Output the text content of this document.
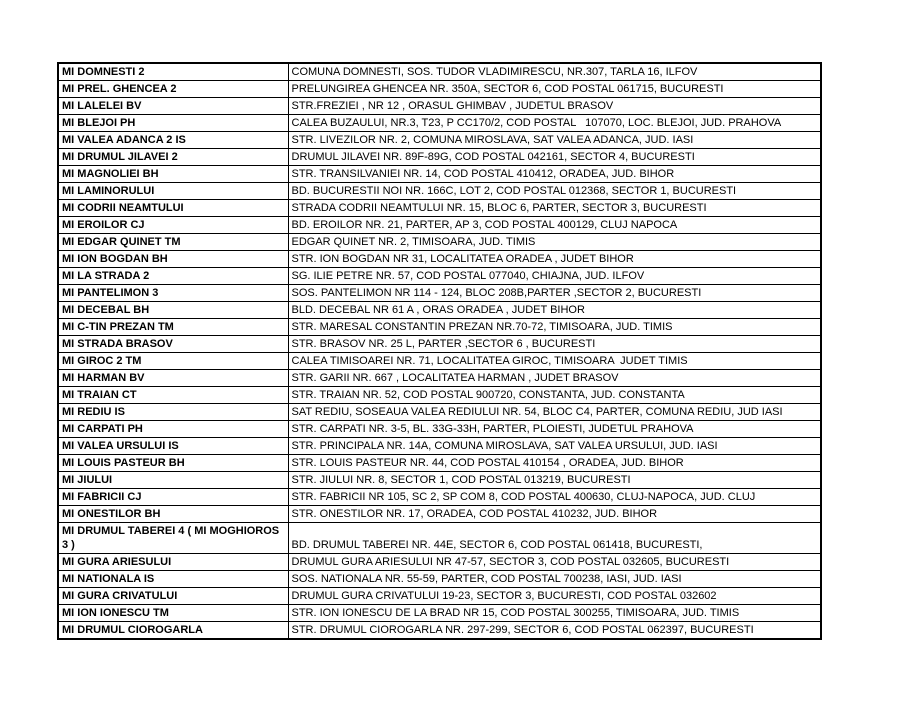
MI DOMNESTI 2	COMUNA DOMNESTI, SOS. TUDOR VLADIMIRESCU, NR.307, TARLA 16, ILFOV
MI PREL. GHENCEA 2	PRELUNGIREA GHENCEA NR. 350A, SECTOR 6, COD POSTAL 061715, BUCURESTI
MI LALELEI BV	STR.FREZIEI , NR 12 , ORASUL GHIMBAV , JUDETUL BRASOV
MI BLEJOI PH	CALEA BUZAULUI, NR.3, T23, P CC170/2, COD POSTAL   107070, LOC. BLEJOI, JUD. PRAHOVA
MI VALEA ADANCA 2 IS	STR. LIVEZILOR NR. 2, COMUNA MIROSLAVA, SAT VALEA ADANCA, JUD. IASI
MI DRUMUL JILAVEI 2	DRUMUL JILAVEI NR. 89F-89G, COD POSTAL 042161, SECTOR 4, BUCURESTI
MI MAGNOLIEI BH	STR. TRANSILVANIEI NR. 14, COD POSTAL 410412, ORADEA, JUD. BIHOR
MI LAMINORULUI	BD. BUCURESTII NOI NR. 166C, LOT 2, COD POSTAL 012368, SECTOR 1, BUCURESTI
MI CODRII NEAMTULUI	STRADA CODRII NEAMTULUI NR. 15, BLOC 6, PARTER, SECTOR 3, BUCURESTI
MI EROILOR CJ	BD. EROILOR NR. 21, PARTER, AP 3, COD POSTAL 400129, CLUJ NAPOCA
MI EDGAR QUINET TM	EDGAR QUINET NR. 2, TIMISOARA, JUD. TIMIS
MI ION BOGDAN BH	STR. ION BOGDAN NR 31, LOCALITATEA ORADEA , JUDET BIHOR
MI LA STRADA 2	SG. ILIE PETRE NR. 57, COD POSTAL 077040, CHIAJNA, JUD. ILFOV
MI PANTELIMON 3	SOS. PANTELIMON NR 114 - 124, BLOC 208B,PARTER ,SECTOR 2, BUCURESTI
MI DECEBAL BH	BLD. DECEBAL NR 61 A , ORAS ORADEA , JUDET BIHOR
MI C-TIN PREZAN TM	STR. MARESAL CONSTANTIN PREZAN NR.70-72, TIMISOARA, JUD. TIMIS
MI STRADA BRASOV	STR. BRASOV NR. 25 L, PARTER ,SECTOR 6 , BUCURESTI
MI GIROC 2 TM	CALEA TIMISOAREI NR. 71, LOCALITATEA GIROC, TIMISOARA  JUDET TIMIS
MI HARMAN BV	STR. GARII NR. 667 , LOCALITATEA HARMAN , JUDET BRASOV
MI TRAIAN CT	STR. TRAIAN NR. 52, COD POSTAL 900720, CONSTANTA, JUD. CONSTANTA
MI REDIU IS	SAT REDIU, SOSEAUA VALEA REDIULUI NR. 54, BLOC C4, PARTER, COMUNA REDIU, JUD IASI
MI CARPATI PH	STR. CARPATI NR. 3-5, BL. 33G-33H, PARTER, PLOIESTI, JUDETUL PRAHOVA
MI VALEA URSULUI IS	STR. PRINCIPALA NR. 14A, COMUNA MIROSLAVA, SAT VALEA URSULUI, JUD. IASI
MI LOUIS PASTEUR BH	STR. LOUIS PASTEUR NR. 44, COD POSTAL 410154 , ORADEA, JUD. BIHOR
MI JIULUI	STR. JIULUI NR. 8, SECTOR 1, COD POSTAL 013219, BUCURESTI
MI FABRICII CJ	STR. FABRICII NR 105, SC 2, SP COM 8, COD POSTAL 400630, CLUJ-NAPOCA, JUD. CLUJ
MI ONESTILOR BH	STR. ONESTILOR NR. 17, ORADEA, COD POSTAL 410232, JUD. BIHOR
MI DRUMUL TABEREI 4 ( MI MOGHIOROS 3 )	BD. DRUMUL TABEREI NR. 44E, SECTOR 6, COD POSTAL 061418, BUCURESTI,
MI GURA ARIESULUI	DRUMUL GURA ARIESULUI NR 47-57, SECTOR 3, COD POSTAL 032605, BUCURESTI
MI NATIONALA IS	SOS. NATIONALA NR. 55-59, PARTER, COD POSTAL 700238, IASI, JUD. IASI
MI GURA CRIVATULUI	DRUMUL GURA CRIVATULUI 19-23, SECTOR 3, BUCURESTI, COD POSTAL 032602
MI ION IONESCU TM	STR. ION IONESCU DE LA BRAD NR 15, COD POSTAL 300255, TIMISOARA, JUD. TIMIS
MI DRUMUL CIOROGARLA	STR. DRUMUL CIOROGARLA NR. 297-299, SECTOR 6, COD POSTAL 062397, BUCURESTI
